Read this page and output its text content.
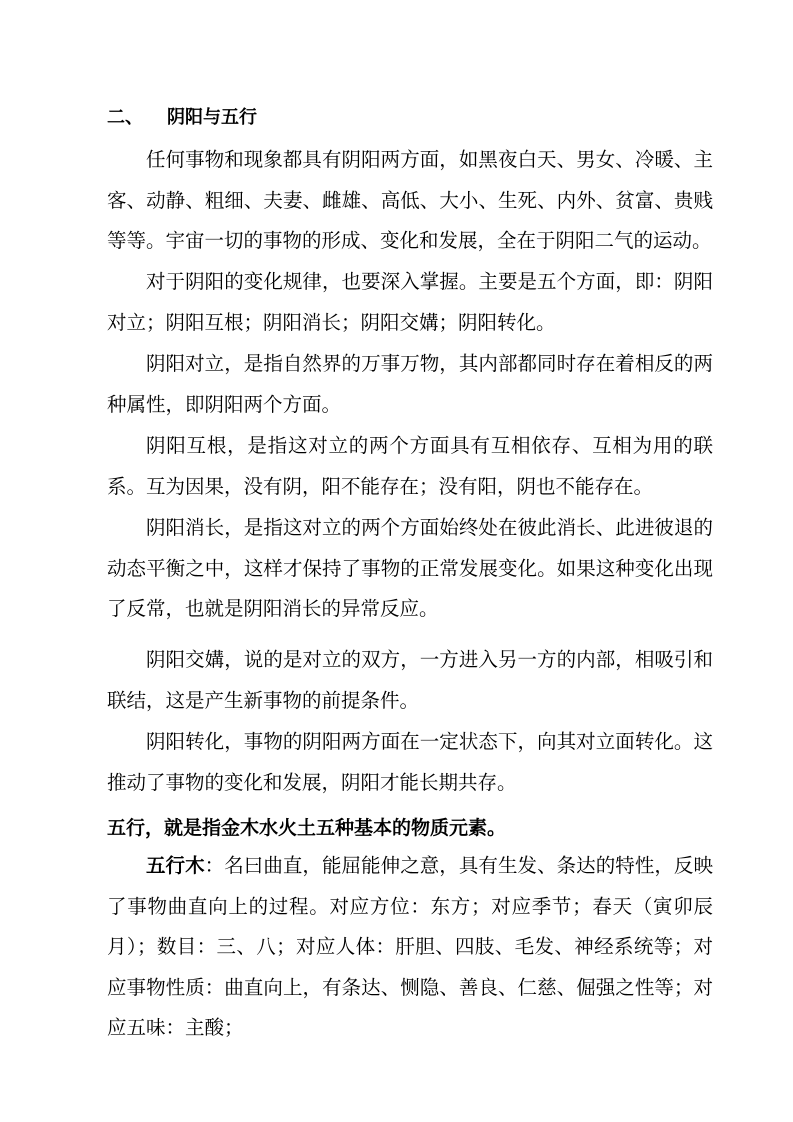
二、 阴阳与五行

任何事物和现象都具有阴阳两方面，如黑夜白天、男女、冷暖、主客、动静、粗细、夫妻、雌雄、高低、大小、生死、内外、贫富、贵贱等等。宇宙一切的事物的形成、变化和发展，全在于阴阳二气的运动。

对于阴阳的变化规律，也要深入掌握。主要是五个方面，即：阴阳对立；阴阳互根；阴阳消长；阴阳交媾；阴阳转化。

阴阳对立，是指自然界的万事万物，其内部都同时存在着相反的两种属性，即阴阳两个方面。

阴阳互根，是指这对立的两个方面具有互相依存、互相为用的联系。互为因果，没有阴，阳不能存在；没有阳，阴也不能存在。

阴阳消长，是指这对立的两个方面始终处在彼此消长、此进彼退的动态平衡之中，这样才保持了事物的正常发展变化。如果这种变化出现了反常，也就是阴阳消长的异常反应。

阴阳交媾，说的是对立的双方，一方进入另一方的内部，相吸引和联结，这是产生新事物的前提条件。

阴阳转化，事物的阴阳两方面在一定状态下，向其对立面转化。这推动了事物的变化和发展，阴阳才能长期共存。

五行，就是指金木水火土五种基本的物质元素。

五行木：名曰曲直，能屈能伸之意，具有生发、条达的特性，反映了事物曲直向上的过程。对应方位：东方；对应季节；春天（寅卯辰月）；数目：三、八；对应人体：肝胆、四肢、毛发、神经系统等；对应事物性质：曲直向上，有条达、恻隐、善良、仁慈、倔强之性等；对应五味：主酸；
